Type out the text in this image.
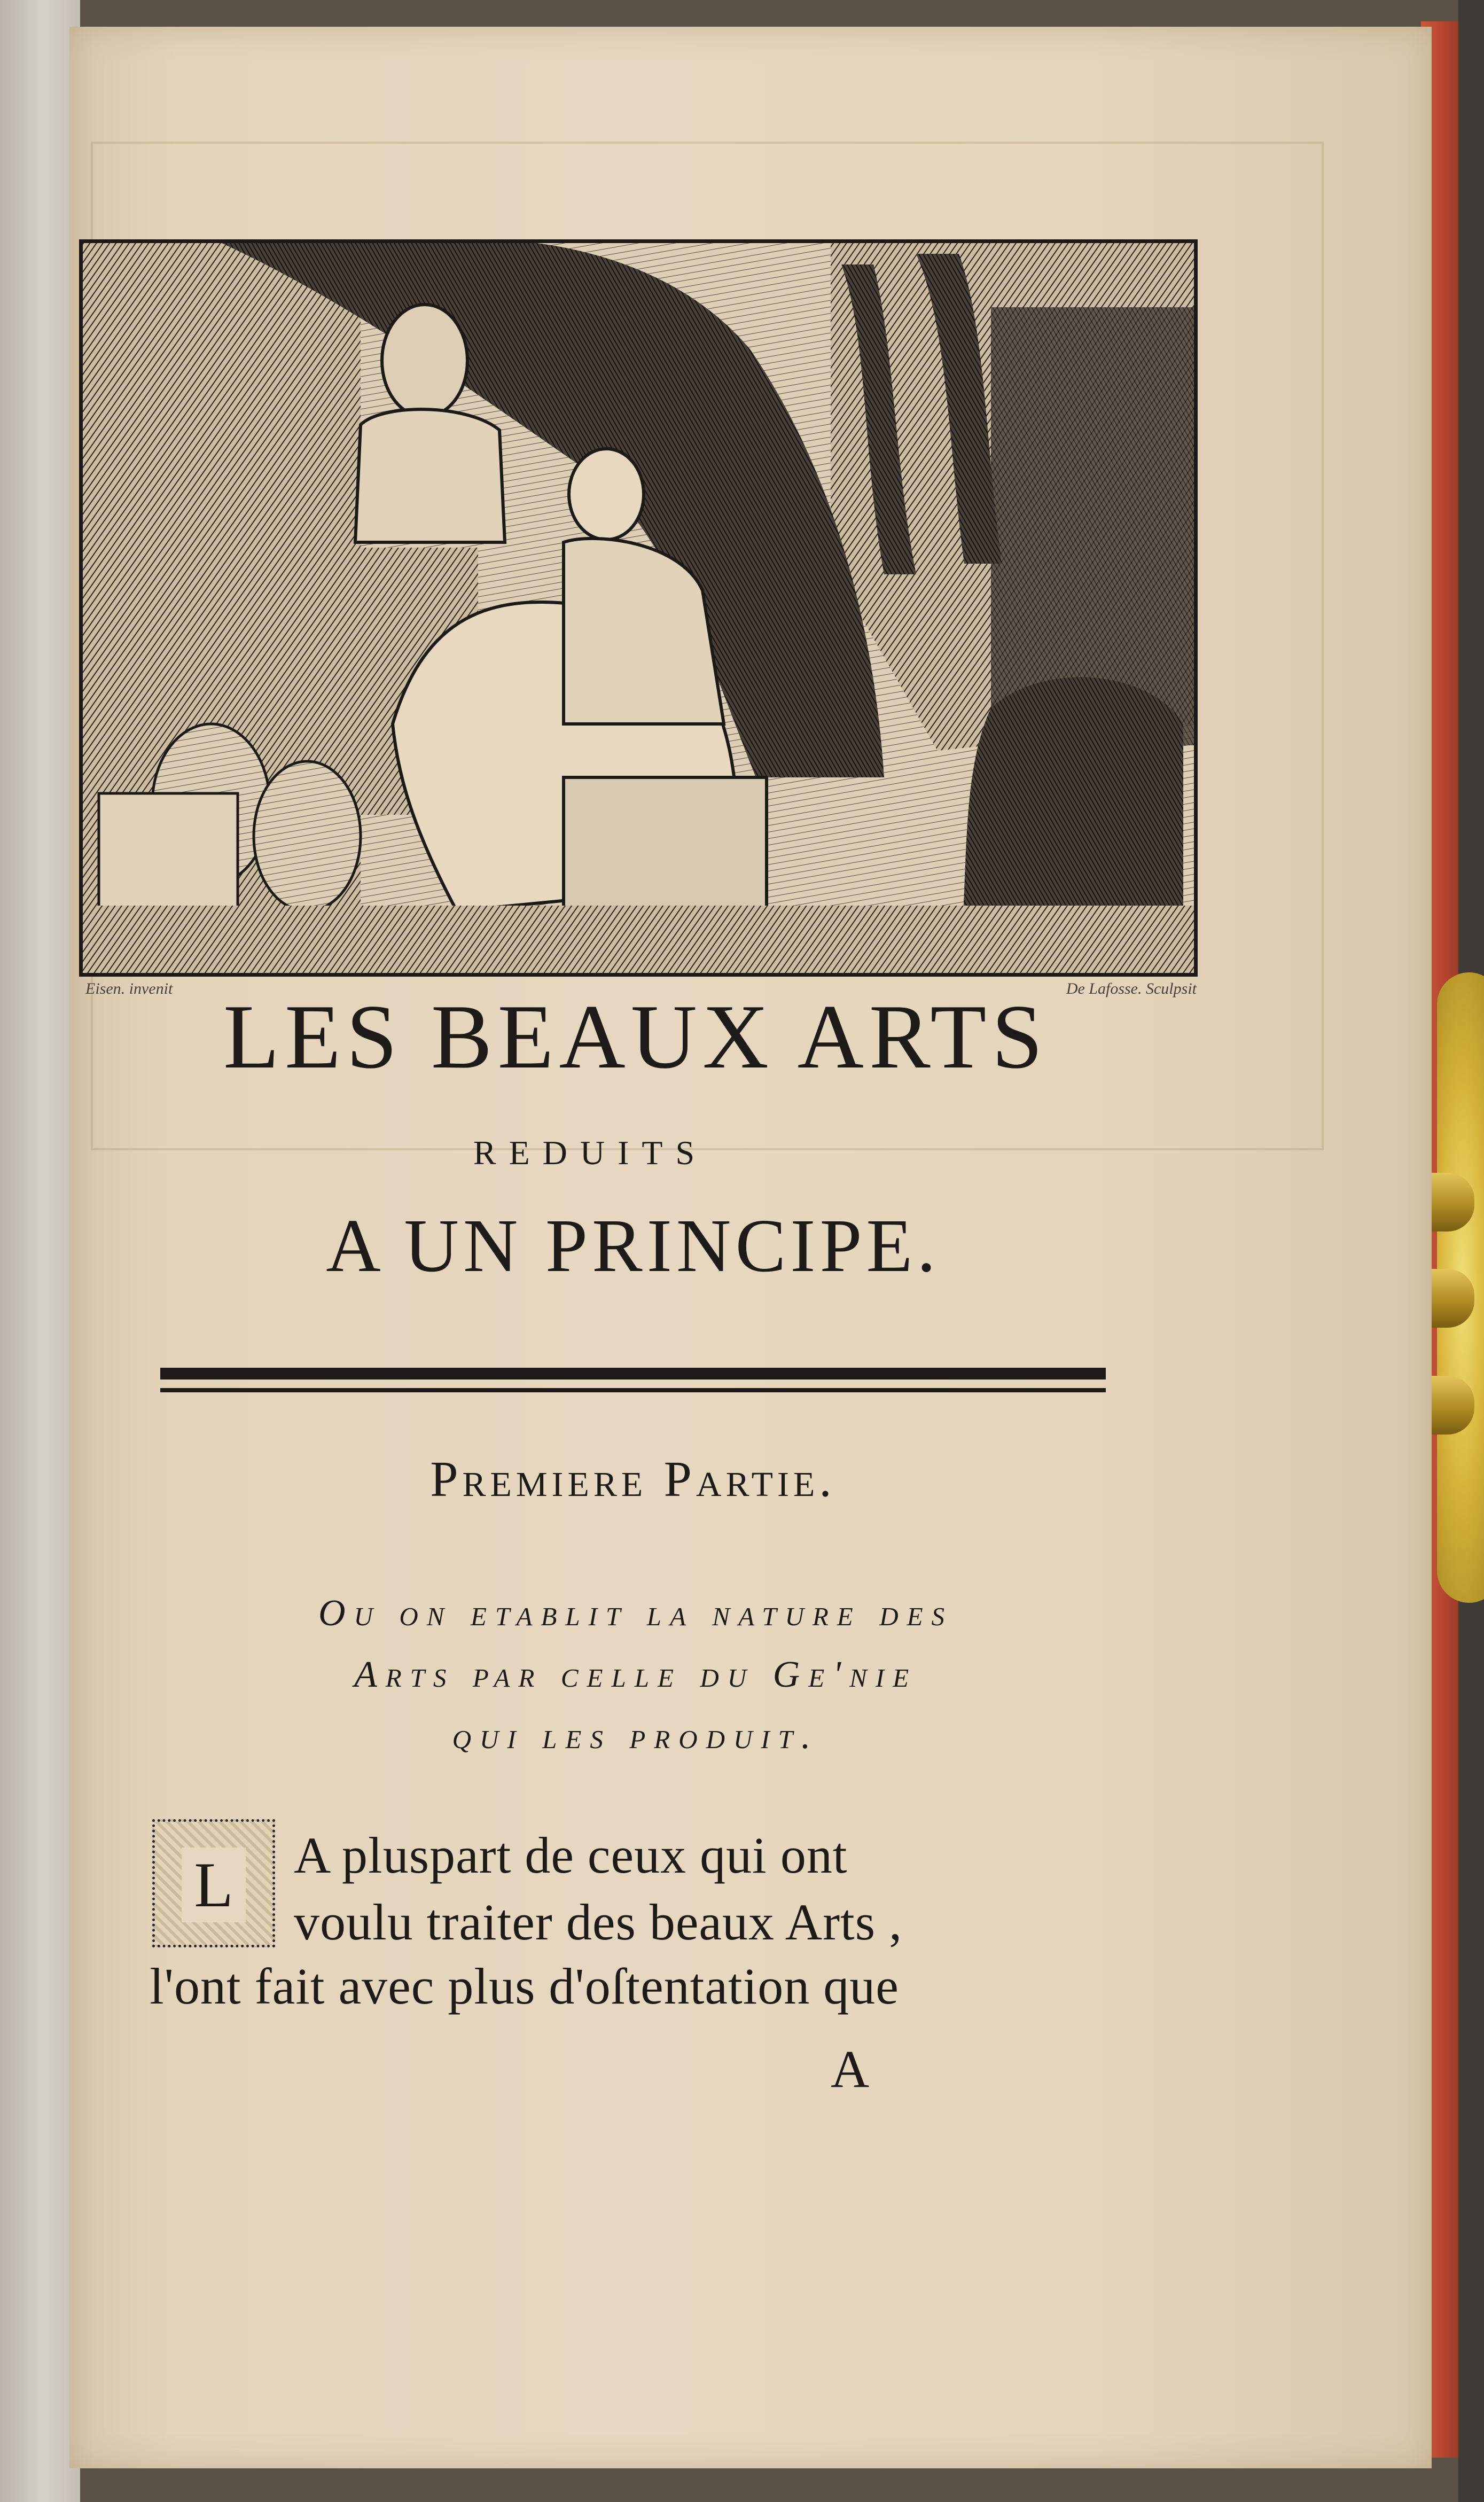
Eisen. invenit	De Lafosse. Sculpsit
LES BEAUX ARTS
reduits
A UN PRINCIPE.
Premiere Partie.
Ou on etablit la nature des
Arts par celle du Ge'nie
qui les produit.
L A pluspart de ceux qui ont
voulu traiter des beaux Arts ,
l'ont fait avec plus d'oſtentation que
A
